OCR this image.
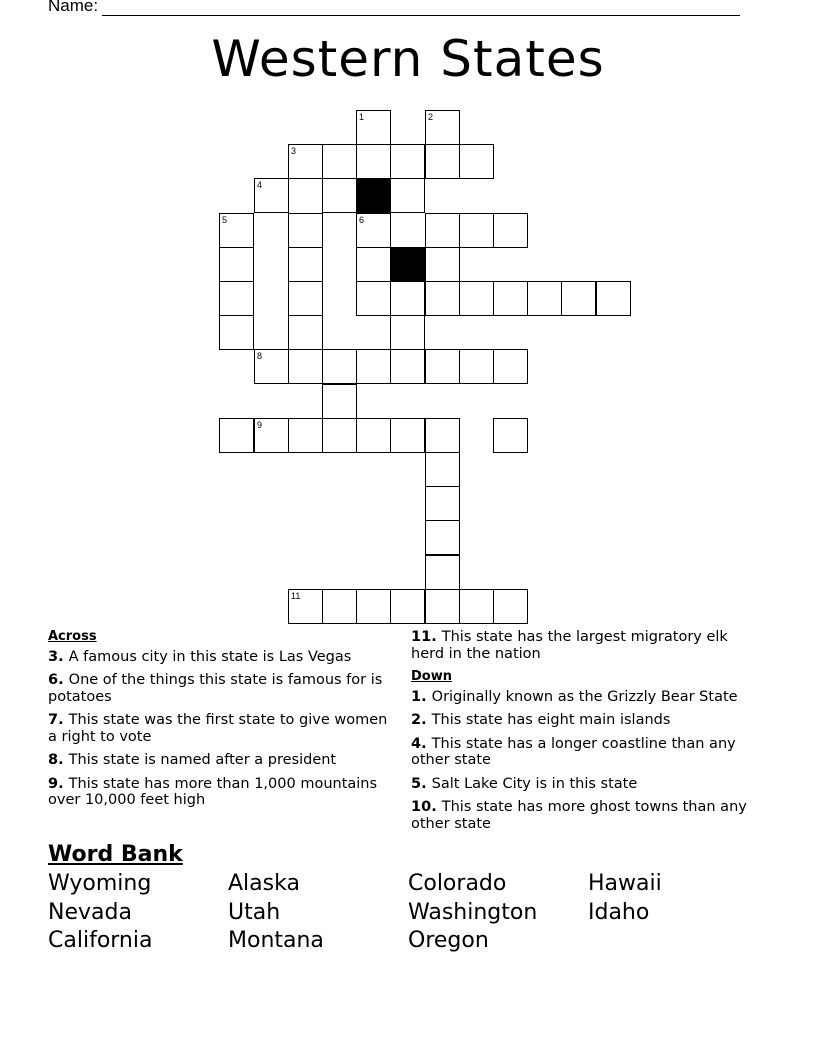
Name:

Western States
1	2
3
4
5	6
8
9
11
Across
3. A famous city in this state is Las Vegas
6. One of the things this state is famous for is potatoes
7. This state was the first state to give women a right to vote
8. This state is named after a president
9. This state has more than 1,000 mountains over 10,000 feet high
11. This state has the largest migratory elk herd in the nation
Down
1. Originally known as the Grizzly Bear State
2. This state has eight main islands
4. This state has a longer coastline than any other state
5. Salt Lake City is in this state
10. This state has more ghost towns than any other state
Word Bank
Wyoming	Alaska	Colorado	Hawaii
Nevada	Utah	Washington	Idaho
California	Montana	Oregon
